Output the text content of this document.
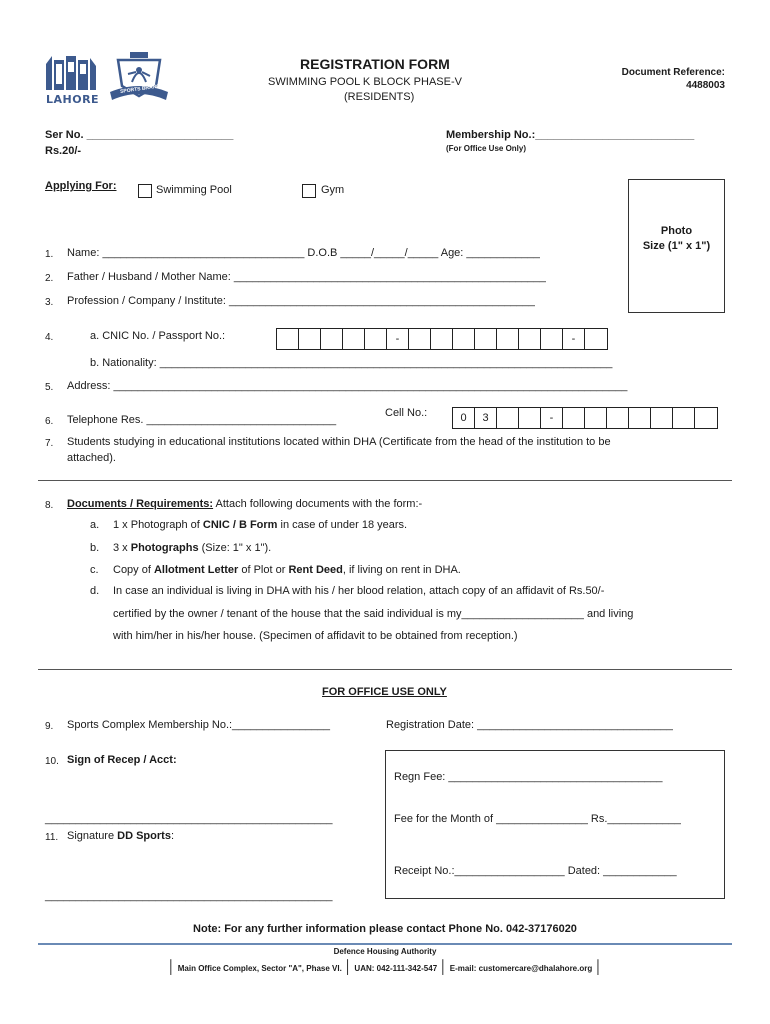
LAHORE
SPORTS BRANCH
REGISTRATION FORM
SWIMMING POOL K BLOCK PHASE-V
(RESIDENTS)
Document Reference:
4488003
Ser No. ________________________
Rs.20/-
Membership No.:__________________________
(For Office Use Only)
Applying For:	Swimming Pool	Gym
Photo
Size (1" x 1")
1. Name: _________________________________ D.O.B _____/_____/_____ Age: ____________
2. Father / Husband / Mother Name: ___________________________________________________
3. Profession / Company / Institute: __________________________________________________
4.	a. CNIC No. / Passport No.:	-	-
b. Nationality: __________________________________________________________________________
5. Address: ____________________________________________________________________________________
6. Telephone Res. _______________________________
Cell No.:	0	3	-
7. Students studying in educational institutions located within DHA (Certificate from the head of the institution to be
attached).
8. Documents / Requirements: Attach following documents with the form:-
a. 1 x Photograph of CNIC / B Form in case of under 18 years.
b. 3 x Photographs (Size: 1" x 1").
c. Copy of Allotment Letter of Plot or Rent Deed, if living on rent in DHA.
d. In case an individual is living in DHA with his / her blood relation, attach copy of an affidavit of Rs.50/-
certified by the owner / tenant of the house that the said individual is my____________________ and living
with him/her in his/her house. (Specimen of affidavit to be obtained from reception.)
FOR OFFICE USE ONLY
9. Sports Complex Membership No.:________________	Registration Date: ________________________________
10. Sign of Recep / Acct:
_______________________________________________
11. Signature DD Sports:
_______________________________________________
Regn Fee: ___________________________________
Fee for the Month of _______________ Rs.____________
Receipt No.:__________________ Dated: ____________
Note: For any further information please contact Phone No. 042-37176020
Defence Housing Authority
│ Main Office Complex, Sector "A", Phase VI. │ UAN: 042-111-342-547 │ E-mail: customercare@dhalahore.org │
